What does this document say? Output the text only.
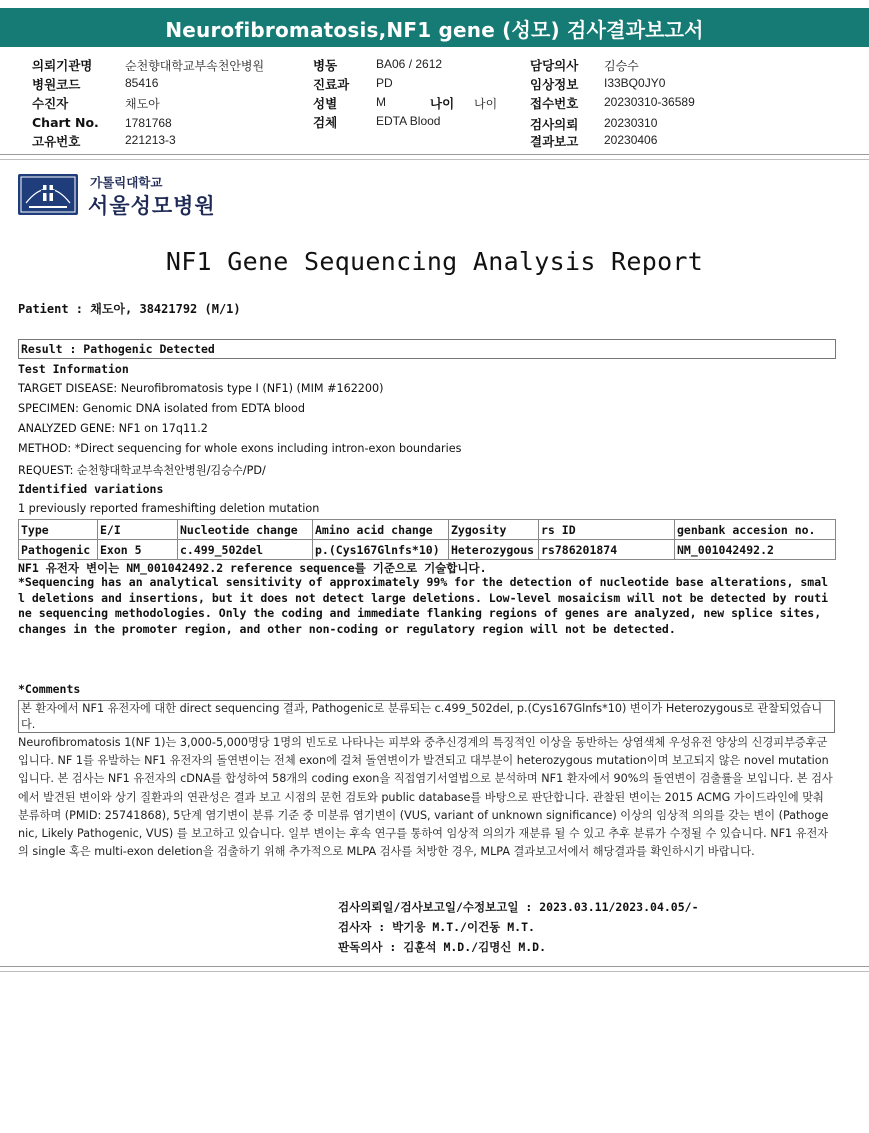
Neurofibromatosis,NF1 gene (성모) 검사결과보고서
의뢰기관명	순천향대학교부속천안병원
병원코드	85416
수진자	채도아
Chart No. 1781768
고유번호	221213-3
병동	BA06 / 2612
진료과 PD
성별	M	나이 나이
검체	EDTA Blood
담당의사 김승수
임상정보 I33BQ0JY0
접수번호 20230310-36589
검사의뢰 20230310
결과보고 20230406
가톨릭대학교
서울성모병원
NF1 Gene Sequencing Analysis Report
Patient : 채도아, 38421792 (M/1)
Result : Pathogenic Detected
Test Information
TARGET DISEASE: Neurofibromatosis type I (NF1) (MIM #162200)
SPECIMEN: Genomic DNA isolated from EDTA blood
ANALYZED GENE: NF1 on 17q11.2
METHOD: *Direct sequencing for whole exons including intron-exon boundaries
REQUEST: 순천향대학교부속천안병원/김승수/PD/
Identified variations
1 previously reported frameshifting deletion mutation
Type	E/I	Nucleotide change	Amino acid change	Zygosity	rs ID	genbank accesion no.
Pathogenic	Exon 5	c.499_502del	p.(Cys167Glnfs*10)	Heterozygous	rs786201874	NM_001042492.2
NF1 유전자 변이는 NM_001042492.2 reference sequence를 기준으로 기술합니다.
*Sequencing has an analytical sensitivity of approximately 99% for the detection of nucleotide base alterations, small deletions and insertions, but it does not detect large deletions. Low-level mosaicism will not be detected by routine sequencing methodologies. Only the coding and immediate flanking regions of genes are analyzed, new splice sites, changes in the promoter region, and other non-coding or regulatory region will not be detected.
*Comments
본 환자에서 NF1 유전자에 대한 direct sequencing 결과, Pathogenic로 분류되는 c.499_502del, p.(Cys167Glnfs*10) 변이가 Heterozygous로 관찰되었습니다.
Neurofibromatosis 1(NF 1)는 3,000-5,000명당 1명의 빈도로 나타나는 피부와 중추신경계의 특징적인 이상을 동반하는 상염색체 우성유전 양상의 신경피부증후군입니다. NF 1를 유발하는 NF1 유전자의 돌연변이는 전체 exon에 걸쳐 돌연변이가 발견되고 대부분이 heterozygous mutation이며 보고되지 않은 novel mutation입니다. 본 검사는 NF1 유전자의 cDNA를 합성하여 58개의 coding exon을 직접염기서열법으로 분석하며 NF1 환자에서 90%의 돌연변이 검출률을 보입니다. 본 검사에서 발견된 변이와 상기 질환과의 연관성은 결과 보고 시점의 문헌 검토와 public database를 바탕으로 판단합니다. 관찰된 변이는 2015 ACMG 가이드라인에 맞춰 분류하며 (PMID: 25741868), 5단계 염기변이 분류 기준 중 미분류 염기변이 (VUS, variant of unknown significance) 이상의 임상적 의의를 갖는 변이 (Pathogenic, Likely Pathogenic, VUS) 를 보고하고 있습니다. 일부 변이는 후속 연구를 통하여 임상적 의의가 재분류 될 수 있고 추후 분류가 수정될 수 있습니다. NF1 유전자의 single 혹은 multi-exon deletion을 검출하기 위해 추가적으로 MLPA 검사를 처방한 경우, MLPA 결과보고서에서 해당결과를 확인하시기 바랍니다.
검사의뢰일/검사보고일/수정보고일 : 2023.03.11/2023.04.05/-
검사자 : 박기웅 M.T./이건동 M.T.
판독의사 : 김훈석 M.D./김명신 M.D.
